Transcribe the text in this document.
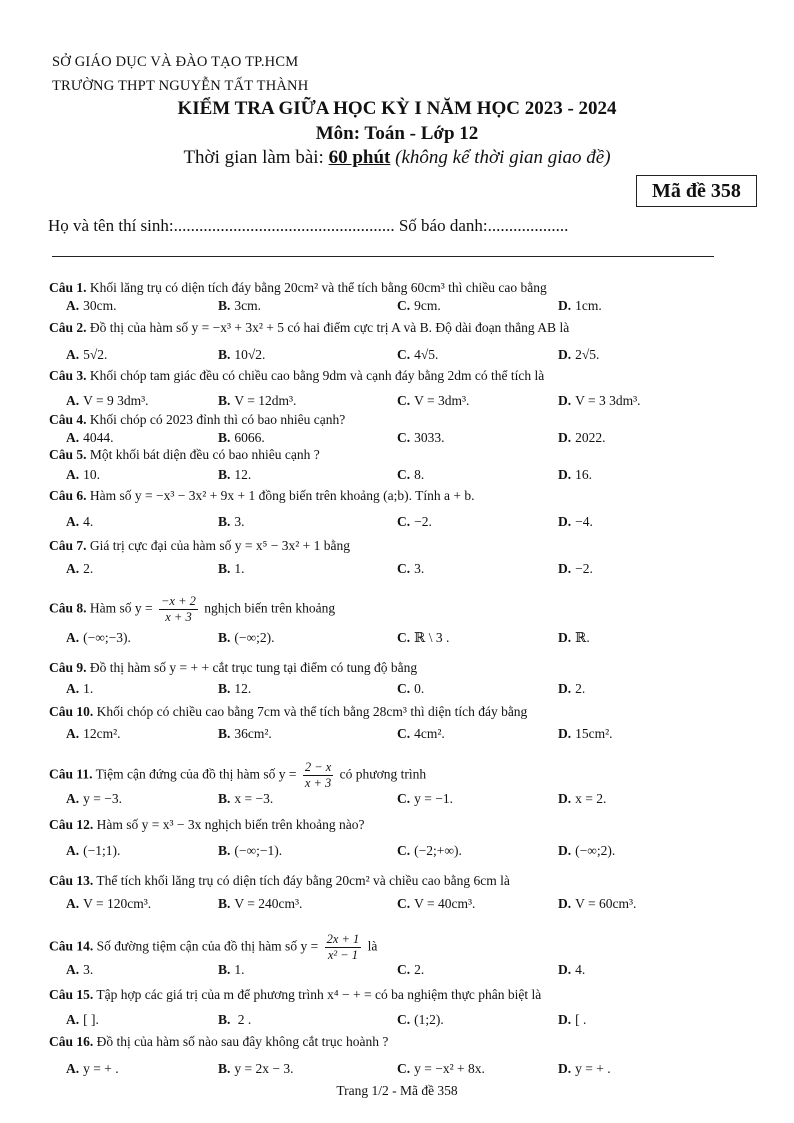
SỞ GIÁO DỤC VÀ ĐÀO TẠO TP.HCM
TRƯỜNG THPT NGUYỄN TẤT THÀNH
KIỂM TRA GIỮA HỌC KỲ I NĂM HỌC 2023 - 2024
Môn: Toán - Lớp 12
Thời gian làm bài: 60 phút (không kể thời gian giao đề)
Mã đề 358
Họ và tên thí sinh:.................................................... Số báo danh:...................
Câu 1. Khối lăng trụ có diện tích đáy bằng 20cm² và thể tích bằng 60cm³ thì chiều cao bằng
A. 30cm.	B. 3cm.	C. 9cm.	D. 1cm.
Câu 2. Đồ thị của hàm số y = −x³ + 3x² + 5 có hai điểm cực trị A và B. Độ dài đoạn thẳng AB là
A. 5√2.	B. 10√2.	C. 4√5.	D. 2√5.
Câu 3. Khối chóp tam giác đều có chiều cao bằng 9dm và cạnh đáy bằng 2dm có thể tích là
A. V = 9 3dm³.	B. V = 12dm³.	C. V = 3dm³.	D. V = 3 3dm³.
Câu 4. Khối chóp có 2023 đỉnh thì có bao nhiêu cạnh?
A. 4044.	B. 6066.	C. 3033.	D. 2022.
Câu 5. Một khối bát diện đều có bao nhiêu cạnh ?
A. 10.	B. 12.	C. 8.	D. 16.
Câu 6. Hàm số y = −x³ − 3x² + 9x + 1 đồng biến trên khoảng (a;b). Tính a + b.
A. 4.	B. 3.	C. −2.	D. −4.
Câu 7. Giá trị cực đại của hàm số y = x⁵ − 3x² + 1 bằng
A. 2.	B. 1.	C. 3.	D. −2.
Câu 8. Hàm số $y = \frac{-x + 2}{x + 3}$ nghịch biến trên khoảng
A. (−∞;−3).	B. (−∞;2).	C. ℝ \ 3 .	D. ℝ.
Câu 9. Đồ thị hàm số y = + + cắt trục tung tại điểm có tung độ bằng
A. 1.	B. 12.	C. 0.	D. 2.
Câu 10. Khối chóp có chiều cao bằng 7cm và thể tích bằng 28cm³ thì diện tích đáy bằng
A. 12cm².	B. 36cm².	C. 4cm².	D. 15cm².
Câu 11. Tiệm cận đứng của đồ thị hàm số $y = \frac{2 - x}{x + 3}$ có phương trình
A. y = −3.	B. x = −3.	C. y = −1.	D. x = 2.
Câu 12. Hàm số y = x³ − 3x nghịch biến trên khoảng nào?
A. (−1;1).	B. (−∞;−1).	C. (−2;+∞).	D. (−∞;2).
Câu 13. Thể tích khối lăng trụ có diện tích đáy bằng 20cm² và chiều cao bằng 6cm là
A. V = 120cm³.	B. V = 240cm³.	C. V = 40cm³.	D. V = 60cm³.
Câu 14. Số đường tiệm cận của đồ thị hàm số $y = \frac{2x + 1}{\text{x² − 1}}$ là
A. 3.	B. 1.	C. 2.	D. 4.
Câu 15. Tập hợp các giá trị của m để phương trình x⁴ − + = có ba nghiệm thực phân biệt là
A. [ ].	B. 2 .	C. (1;2).	D. [ .
Câu 16. Đồ thị của hàm số nào sau đây không cắt trục hoành ?
A. y = + .	B. y = 2x − 3.	C. y = −x² + 8x.	D. y = + .
Trang 1/2 - Mã đề 358
